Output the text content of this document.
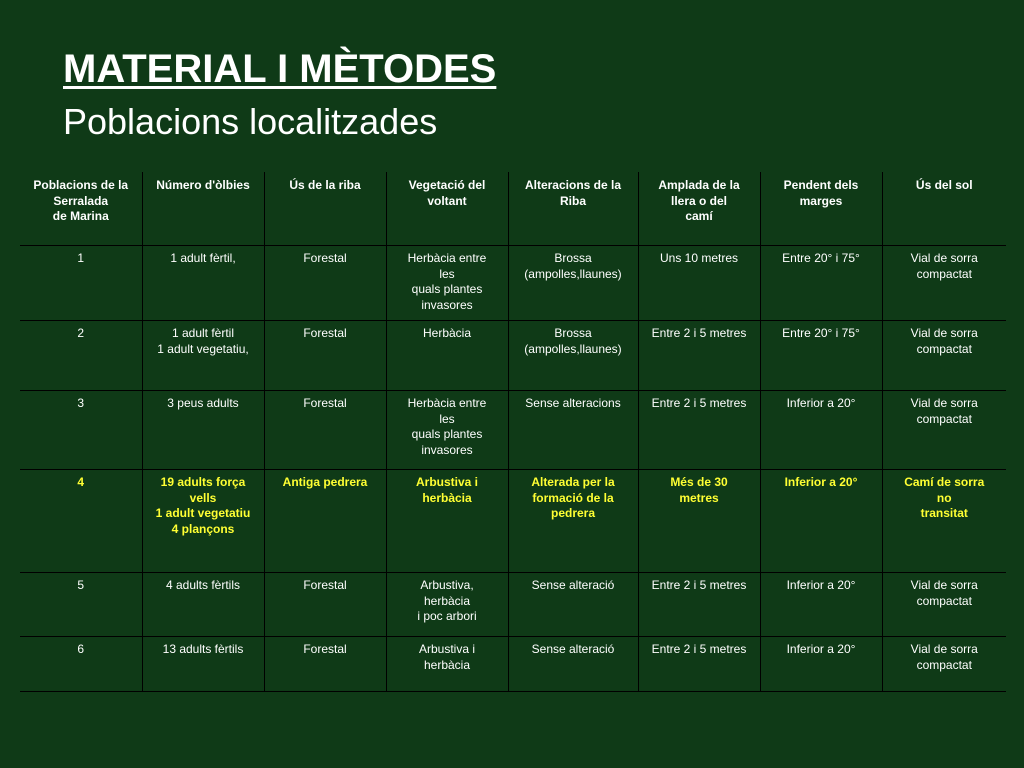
MATERIAL I MÈTODES
Poblacions localitzades
Poblacions de la
Serralada
de Marina	Número d'òlbies	Ús de la riba	Vegetació del
voltant	Alteracions de la
Riba	Amplada de la
llera o del
camí	Pendent dels
marges	Ús del sol
1	1 adult fèrtil,	Forestal	Herbàcia entre
les
quals plantes
invasores	Brossa
(ampolles,llaunes)	Uns 10 metres	Entre 20° i 75°	Vial de sorra
compactat
2	1 adult fèrtil
1 adult vegetatiu,	Forestal	Herbàcia	Brossa
(ampolles,llaunes)	Entre 2 i 5 metres	Entre 20° i 75°	Vial de sorra
compactat
3	3 peus adults	Forestal	Herbàcia entre
les
quals plantes
invasores	Sense alteracions	Entre 2 i 5 metres	Inferior a 20°	Vial de sorra
compactat
4	19 adults força
vells
1 adult vegetatiu
4 plançons	Antiga pedrera	Arbustiva i
herbàcia	Alterada per la
formació de la
pedrera	Més de 30
metres	Inferior a 20°	Camí de sorra
no
transitat
5	4 adults fèrtils	Forestal	Arbustiva,
herbàcia
i poc arbori	Sense alteració	Entre 2 i 5 metres	Inferior a 20°	Vial de sorra
compactat
6	13 adults fèrtils	Forestal	Arbustiva i
herbàcia	Sense alteració	Entre 2 i 5 metres	Inferior a 20°	Vial de sorra
compactat
